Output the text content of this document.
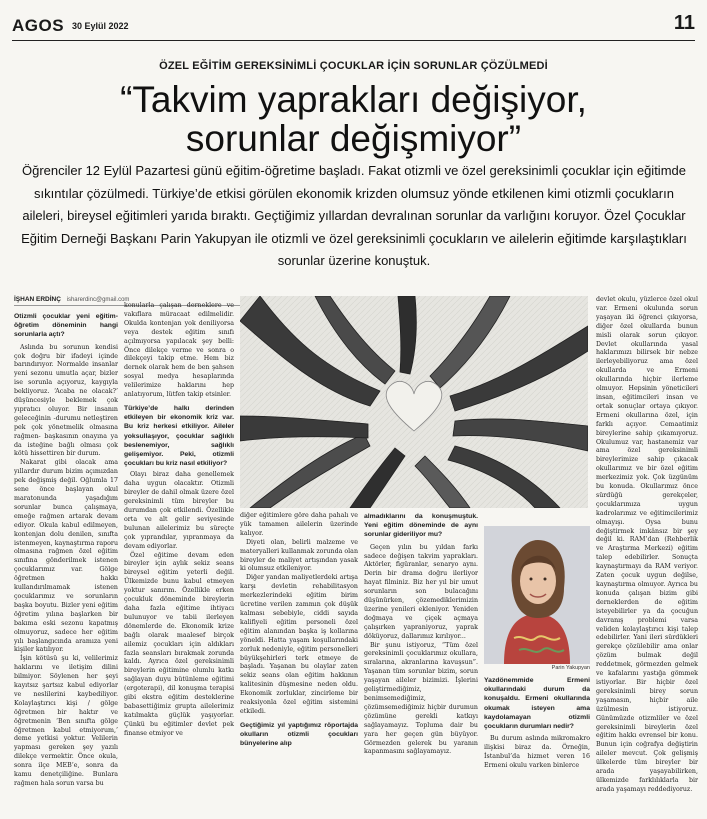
AGOS 30 Eylül 2022	11
ÖZEL EĞİTİM GEREKSİNİMLİ ÇOCUKLAR İÇİN SORUNLAR ÇÖZÜLMEDİ
“Takvim yaprakları değişiyor,
sorunlar değişmiyor”
Öğrenciler 12 Eylül Pazartesi günü eğitim-öğretime başladı. Fakat otizmli ve özel gereksinimli çocuklar için eğitimde sıkıntılar çözülmedi. Türkiye’de etkisi görülen ekonomik krizden olumsuz yönde etkilenen kimi otizmli çocukların aileleri, bireysel eğitimleri yarıda bıraktı. Geçtiğimiz yıllardan devralınan sorunlar da varlığını koruyor. Özel Çocuklar Eğitim Derneği Başkanı Parin Yakupyan ile otizmli ve özel gereksinimli çocukların ve ailelerin eğitimde karşılaştıkları sorunlar üzerine konuştuk.
İŞHAN ERDİNÇ isharerdinc@gmail.com

Otizmli çocuklar yeni eğitim-öğretim döneminin hangi sorunlarla açtı?

Aslında bu sorunun kendisi çok doğru bir ifadeyi içinde barındırıyor. Normalde insanlar yeni sezonu umutla açar, bizler ise sorunla açıyoruz, kaygıyla bekliyoruz. ‘Acaba ne olacak?’ düşüncesiyle beklemek çok yıpratıcı oluyor. Bir insanın geleceğinin -durumu netleştiren pek çok yönetmelik olmasına rağmen- başkasının onayına ya da isteğine bağlı olması çok kötü hissettiren bir durum.

Nakarat gibi olacak ama yıllardır durum bizim açımızdan pek değişmiş değil. Oğlumla 17 sene önce başlayan okul maratonunda yaşadığım sorunlar bunca çalışmaya, emeğe rağmen artarak devam ediyor. Okula kabul edilmeyen, kontenjan dolu denilen, sınıfta istenmeyen, kaynaştırma raporu olmasına rağmen özel eğitim sınıfına gönderilmek istenen çocuklarımız var. Gölge öğretmen hakkı kullandırılmamak istenen çocuklarımız ve sorunların başka boyutu. Bizler yeni eğitim öğretim yılına başlarken bir bakıma eski sezonu kapatmış olmuyoruz, sadece her eğitim yılı başlangıcında aramıza yeni kişiler katılıyor.

İşin kötüsü şu ki, velilerimiz haklarını ve iletişim dilini bilmiyor. Söylenen her şeyi kayıtsız şartsız kabul ediyorlar ve neslilerini kaybediliyor. Kolaylaştırıcı kişi / gölge öğretmen bir haktır ve öğretmenin ‘Ben sınıfta gölge öğretmen kabul etmiyorum,’ deme yetkisi yoktur. Velilerin yapması gereken şey yazılı dilekçe vermektir. Önce okula, sonra ilçe MEB’e, sonra da kamu denetçiliğine. Bunlara rağmen hala sorun varsa bu

konularla çalışan derneklere ve vakıflara müracaat edilmelidir. Okulda kontenjan yok deniliyorsa veya destek eğitim sınıfı açılmıyorsa yapılacak şey belli: Önce dilekçe verme ve sonra o dilekçeyi takip etme. Hem biz dernek olarak hem de ben şahsen sosyal medya hesaplarında velilerimize haklarını hep anlatıyorum, lütfen takip etsinler.

Türkiye’de halkı derinden etkileyen bir ekonomik kriz var. Bu kriz herkesi etkiliyor. Aileler yoksullaşıyor, çocuklar sağlıklı beslenemiyor, sağlıklı gelişemiyor. Peki, otizmli çocukları bu kriz nasıl etkiliyor?

Olayı biraz daha genellemek daha uygun olacaktır. Otizmli bireyler de dahil olmak üzere özel gereksinimli tüm bireyler bu durumdan çok etkilendi. Özellikle orta ve alt gelir seviyesinde bulunan ailelerimiz bu süreçte çok yıprandılar, yıpranmaya da devam ediyorlar.

Özel eğitime devam eden bireyler için aylık sekiz seans bireysel eğitim yeterli değil. Ülkemizde bunu kabul etmeyen yoktur sanırım. Özellikle erken çocukluk döneminde bireylerin daha fazla eğitime ihtiyacı bulunuyor ve tabii ilerleyen dönemlerde de. Ekonomik krize bağlı olarak maalesef birçok ailemiz çocukları için aldıkları fazla seansları bırakmak zorunda kaldı. Ayrıca özel gereksinimli bireylerin eğitimine olumlu katkı sağlayan duyu bütünleme eğitimi (ergoterapi), dil konuşma terapisi gibi ekstra eğitim desteklerine babasettiğimiz grupta ailelerimiz katılmakta güçlük yaşıyorlar. Çünkü bu eğitimler devlet pek finanse etmiyor ve

diğer eğitimlere göre daha pahalı ve yük tamamen ailelerin üzerinde kalıyor.

Diyeti olan, belirli malzeme ve materyalleri kullanmak zorunda olan bireyler de maliyet artışından yasak ki olumsuz etkileniyor.

Diğer yandan maliyetlerdeki artışa karşı devletin rehabilitasyon merkezlerindeki eğitim birim ücretine verilen zammın çok düşük kalması sebebiyle, ciddi sayıda kalifiyeli eğitim personeli özel eğitim alanından başka iş kollarına yöneldi. Hatta yaşam koşullarındaki zorluk nedeniyle, eğitim personelleri büyükşehirleri terk etmeye de başladı. Yaşanan bu olaylar zaten sekiz seans olan eğitim hakkının kalitesinin düşmesine neden oldu. Ekonomik zorluklar, zincirleme bir reaksiyonla özel eğitim sistemini etkiledi.

Geçtiğimiz yıl yaptığımız röportajda okulların otizmli çocukları bünyelerine alıp

almadıklarını da konuşmuştuk. Yeni eğitim döneminde de aynı sorunlar gideriliyor mu?

Geçen yılın bu yıldan farkı sadece değişen takvim yaprakları. Aktörler, figüranlar, senaryo aynı. Derin bir drama doğru ilerliyor hayat filminiz. Biz her yıl bir umut sorunların son bulacağını düşünürken, çözemediklerimizin üzerine yenileri ekleniyor. Yeniden doğmaya ve çiçek açmaya çalışırken yapraniyoruz, yaprak döküyoruz, dallarımız kırılıyor...

Bir şunu istiyoruz, “Tüm özel gereksinimli çocuklarımız okullara, sıralarına, akranlarına kavuşsun”. Yaşanan tüm sorunlar bizim, sorun yaşayan aileler bizimizi. İşlerini geliştirmediğimiz, benimsemediğimiz, çözümsemediğimiz hiçbir durumun çözümüne gerekli katkıyı sağlayamayız. Topluma dair bu yara her geçen gün büyüyor. Görmezden gelerek bu yaranın kapanmasını sağlayamayız.

Parin Yakupyan

Yazdönemmide Ermeni okullarındaki durum da konuşaldu. Ermeni okullarında okumak isteyen ama kaydolamayan otizmli çocukların durumları nedir?

Bu durum aslında mikromakro ilişkisi biraz da. Örneğin, İstanbul’da hizmet veren 16 Ermeni okulu varken binlerce

devlet okulu, yüzlerce özel okul var. Ermeni okulunda sorun yaşayan iki öğrenci çıkıyorsa, diğer özel okullarda bunun misli olarak sorun çıkıyor. Devlet okullarında yasal haklarımızı bilirsek bir nebze ilerleyebiliyoruz ama özel okullarda ve Ermeni okullarında hiçbir ilerleme olmuyor. Hepsinin yöneticileri insan, eğitimcileri insan ve ortak sonuçlar ortaya çıkıyor. Ermeni okullarına özel, için farklı açıyor. Cemaatimiz bireylerine sahip çıkamıyoruz. Okulumuz var, hastanemiz var ama özel gereksinimli bireylerimize sahip çıkacak okullarımız ve bir özel eğitim merkezimiz yok. Çok üzgünüm bu konuda. Okullarımız önce sürdüğü gerekçeler, çocuklarımıza uygun kadrolarımız ve eğitimcilerimiz olmayışı. Oysa bunu değiştirmek imkânsız bir şey değil ki. RAM’dan (Rehberlik ve Araştırma Merkezi) eğitim talep edebilirler. Sonuçta kaynaştırmayı da RAM veriyor. Zaten çocuk uygun değilse, kaynaştırma olmuyor. Ayrıca bu konuda çalışan bizim gibi derneklerden de eğitim isteyebilirler ya da çocuğun davranış problemi varsa veliden kolaylaştırıcı kişi talep edebilirler. Yani ileri sürdükleri gerekçe çözülebilir ama onlar çözüm bulmak değil reddetmek, görmezden gelmek ve kafalarını yastığa gömmek istiyorlar. Bir hiçbir özel gereksinimli birey sorun yaşamasın, hiçbir aile üzülmesin istiyoruz. Günümüzde otizmliler ve özel gereksinimli bireylerin özel eğitim hakkı evrensel bir konu. Bunun için coğrafya değiştirin aileler mevcut. Çok gelişmiş ülkelerde tüm bireyler bir arada yaşayabilirken, ülkemizde farklılıklarla bir arada yaşamayı reddediyoruz.
